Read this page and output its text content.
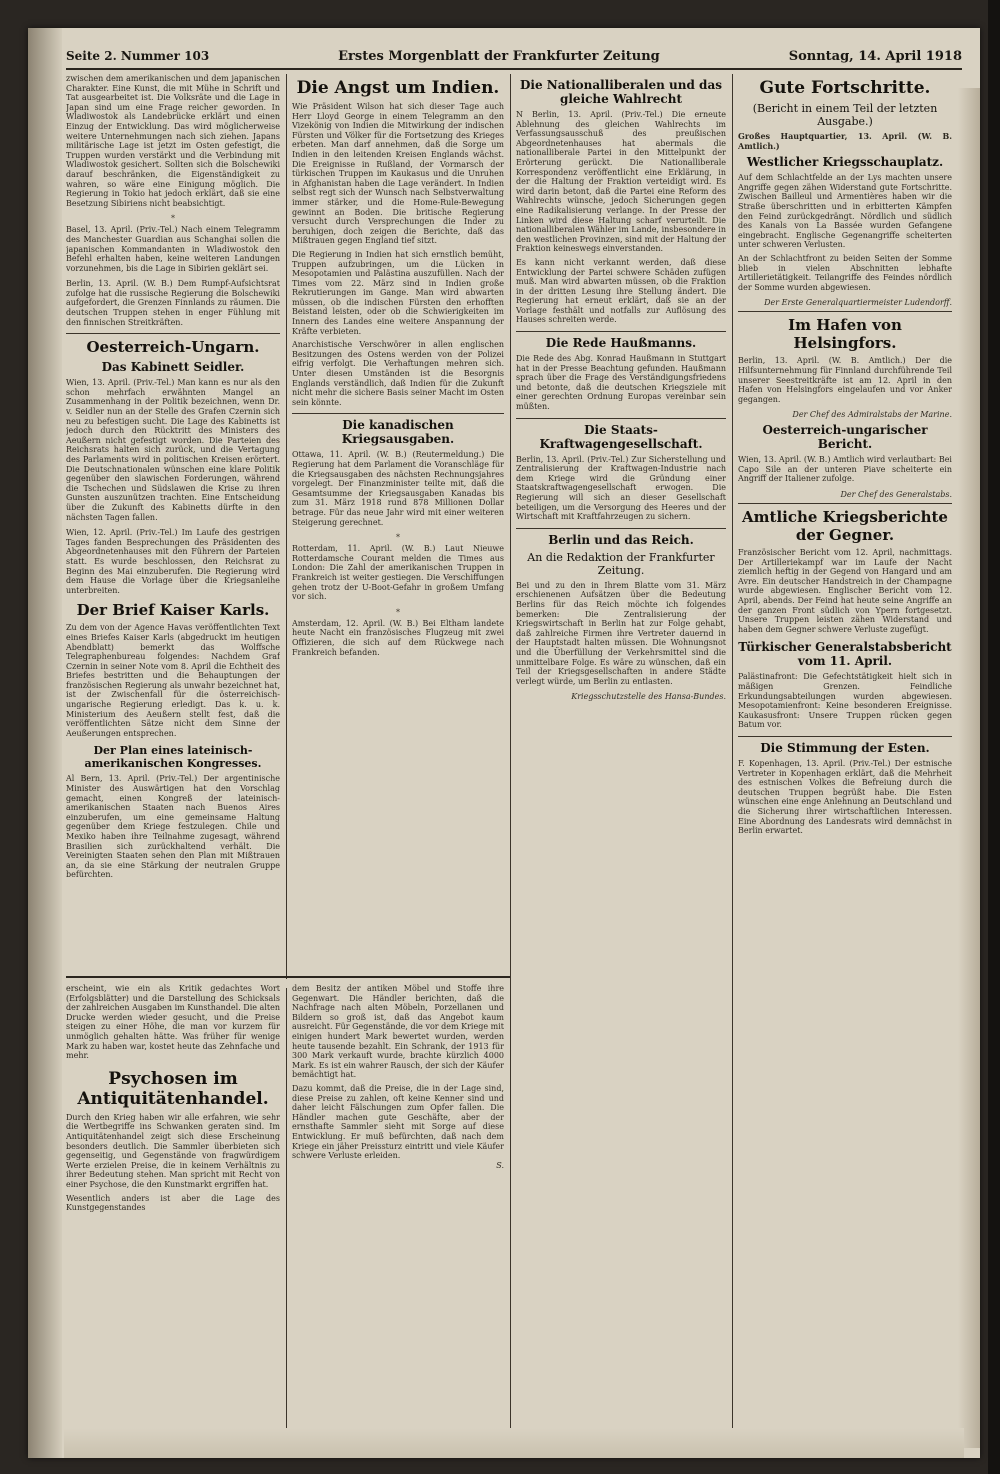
Seite 2. Nummer 103	Erstes Morgenblatt der Frankfurter Zeitung	Sonntag, 14. April 1918
zwischen dem amerikanischen und dem japanischen Charakter. Eine Kunst, die mit Mühe in Schrift und Tat ausgearbeitet ist. Die Volksräte und die Lage in Japan sind um eine Frage reicher geworden. In Wladiwostok als Landebrücke erklärt und einen Einzug der Entwicklung. Das wird möglicherweise weitere Unternehmungen nach sich ziehen. Japans militärische Lage ist jetzt im Osten gefestigt, die Truppen wurden verstärkt und die Verbindung mit Wladiwostok gesichert. Sollten sich die Bolschewiki darauf beschränken, die Eigenständigkeit zu wahren, so wäre eine Einigung möglich. Die Regierung in Tokio hat jedoch erklärt, daß sie eine Besetzung Sibiriens nicht beabsichtigt.
*
Basel, 13. April. (Priv.-Tel.) Nach einem Telegramm des Manchester Guardian aus Schanghai sollen die japanischen Kommandanten in Wladiwostok den Befehl erhalten haben, keine weiteren Landungen vorzunehmen, bis die Lage in Sibirien geklärt sei.
Berlin, 13. April. (W. B.) Dem Rumpf-Aufsichtsrat zufolge hat die russische Regierung die Bolschewiki aufgefordert, die Grenzen Finnlands zu räumen. Die deutschen Truppen stehen in enger Fühlung mit den finnischen Streitkräften.
Oesterreich-Ungarn.
Das Kabinett Seidler.
Wien, 13. April. (Priv.-Tel.) Man kann es nur als den schon mehrfach erwähnten Mangel an Zusammenhang in der Politik bezeichnen, wenn Dr. v. Seidler nun an der Stelle des Grafen Czernin sich neu zu befestigen sucht. Die Lage des Kabinetts ist jedoch durch den Rücktritt des Ministers des Aeußern nicht gefestigt worden. Die Parteien des Reichsrats halten sich zurück, und die Vertagung des Parlaments wird in politischen Kreisen erörtert. Die Deutschnationalen wünschen eine klare Politik gegenüber den slawischen Forderungen, während die Tschechen und Südslawen die Krise zu ihren Gunsten auszunützen trachten. Eine Entscheidung über die Zukunft des Kabinetts dürfte in den nächsten Tagen fallen.
Wien, 12. April. (Priv.-Tel.) Im Laufe des gestrigen Tages fanden Besprechungen des Präsidenten des Abgeordnetenhauses mit den Führern der Parteien statt. Es wurde beschlossen, den Reichsrat zu Beginn des Mai einzuberufen. Die Regierung wird dem Hause die Vorlage über die Kriegsanleihe unterbreiten.
Der Brief Kaiser Karls.
Zu dem von der Agence Havas veröffentlichten Text eines Briefes Kaiser Karls (abgedruckt im heutigen Abendblatt) bemerkt das Wolffsche Telegraphenbureau folgendes: Nachdem Graf Czernin in seiner Note vom 8. April die Echtheit des Briefes bestritten und die Behauptungen der französischen Regierung als unwahr bezeichnet hat, ist der Zwischenfall für die österreichisch-ungarische Regierung erledigt. Das k. u. k. Ministerium des Aeußern stellt fest, daß die veröffentlichten Sätze nicht dem Sinne der Aeußerungen entsprechen.
Der Plan eines lateinisch-amerikanischen Kongresses.
Al Bern, 13. April. (Priv.-Tel.) Der argentinische Minister des Auswärtigen hat den Vorschlag gemacht, einen Kongreß der lateinisch-amerikanischen Staaten nach Buenos Aires einzuberufen, um eine gemeinsame Haltung gegenüber dem Kriege festzulegen. Chile und Mexiko haben ihre Teilnahme zugesagt, während Brasilien sich zurückhaltend verhält. Die Vereinigten Staaten sehen den Plan mit Mißtrauen an, da sie eine Stärkung der neutralen Gruppe befürchten.
Die Angst um Indien.
Wie Präsident Wilson hat sich dieser Tage auch Herr Lloyd George in einem Telegramm an den Vizekönig von Indien die Mitwirkung der indischen Fürsten und Völker für die Fortsetzung des Krieges erbeten. Man darf annehmen, daß die Sorge um Indien in den leitenden Kreisen Englands wächst. Die Ereignisse in Rußland, der Vormarsch der türkischen Truppen im Kaukasus und die Unruhen in Afghanistan haben die Lage verändert. In Indien selbst regt sich der Wunsch nach Selbstverwaltung immer stärker, und die Home-Rule-Bewegung gewinnt an Boden. Die britische Regierung versucht durch Versprechungen die Inder zu beruhigen, doch zeigen die Berichte, daß das Mißtrauen gegen England tief sitzt.
Die Regierung in Indien hat sich ernstlich bemüht, Truppen aufzubringen, um die Lücken in Mesopotamien und Palästina auszufüllen. Nach der Times vom 22. März sind in Indien große Rekrutierungen im Gange. Man wird abwarten müssen, ob die indischen Fürsten den erhofften Beistand leisten, oder ob die Schwierigkeiten im Innern des Landes eine weitere Anspannung der Kräfte verbieten.
Anarchistische Verschwörer in allen englischen Besitzungen des Ostens werden von der Polizei eifrig verfolgt. Die Verhaftungen mehren sich. Unter diesen Umständen ist die Besorgnis Englands verständlich, daß Indien für die Zukunft nicht mehr die sichere Basis seiner Macht im Osten sein könnte.
Die kanadischen Kriegsausgaben.
Ottawa, 11. April. (W. B.) (Reutermeldung.) Die Regierung hat dem Parlament die Voranschläge für die Kriegsausgaben des nächsten Rechnungsjahres vorgelegt. Der Finanzminister teilte mit, daß die Gesamtsumme der Kriegsausgaben Kanadas bis zum 31. März 1918 rund 878 Millionen Dollar betrage. Für das neue Jahr wird mit einer weiteren Steigerung gerechnet.
*
Rotterdam, 11. April. (W. B.) Laut Nieuwe Rotterdamsche Courant melden die Times aus London: Die Zahl der amerikanischen Truppen in Frankreich ist weiter gestiegen. Die Verschiffungen gehen trotz der U-Boot-Gefahr in großem Umfang vor sich.
*
Amsterdam, 12. April. (W. B.) Bei Eltham landete heute Nacht ein französisches Flugzeug mit zwei Offizieren, die sich auf dem Rückwege nach Frankreich befanden.
Die Nationalliberalen und das gleiche Wahlrecht
N Berlin, 13. April. (Priv.-Tel.) Die erneute Ablehnung des gleichen Wahlrechts im Verfassungsausschuß des preußischen Abgeordnetenhauses hat abermals die nationalliberale Partei in den Mittelpunkt der Erörterung gerückt. Die Nationalliberale Korrespondenz veröffentlicht eine Erklärung, in der die Haltung der Fraktion verteidigt wird. Es wird darin betont, daß die Partei eine Reform des Wahlrechts wünsche, jedoch Sicherungen gegen eine Radikalisierung verlange. In der Presse der Linken wird diese Haltung scharf verurteilt. Die nationalliberalen Wähler im Lande, insbesondere in den westlichen Provinzen, sind mit der Haltung der Fraktion keineswegs einverstanden.
Es kann nicht verkannt werden, daß diese Entwicklung der Partei schwere Schäden zufügen muß. Man wird abwarten müssen, ob die Fraktion in der dritten Lesung ihre Stellung ändert. Die Regierung hat erneut erklärt, daß sie an der Vorlage festhält und notfalls zur Auflösung des Hauses schreiten werde.
Die Rede Haußmanns.
Die Rede des Abg. Konrad Haußmann in Stuttgart hat in der Presse Beachtung gefunden. Haußmann sprach über die Frage des Verständigungsfriedens und betonte, daß die deutschen Kriegsziele mit einer gerechten Ordnung Europas vereinbar sein müßten.
Die Staats-Kraftwagengesellschaft.
Berlin, 13. April. (Priv.-Tel.) Zur Sicherstellung und Zentralisierung der Kraftwagen-Industrie nach dem Kriege wird die Gründung einer Staatskraftwagengesellschaft erwogen. Die Regierung will sich an dieser Gesellschaft beteiligen, um die Versorgung des Heeres und der Wirtschaft mit Kraftfahrzeugen zu sichern.
Berlin und das Reich.
An die Redaktion der Frankfurter Zeitung.
Bei und zu den in Ihrem Blatte vom 31. März erschienenen Aufsätzen über die Bedeutung Berlins für das Reich möchte ich folgendes bemerken: Die Zentralisierung der Kriegswirtschaft in Berlin hat zur Folge gehabt, daß zahlreiche Firmen ihre Vertreter dauernd in der Hauptstadt halten müssen. Die Wohnungsnot und die Überfüllung der Verkehrsmittel sind die unmittelbare Folge. Es wäre zu wünschen, daß ein Teil der Kriegsgesellschaften in andere Städte verlegt würde, um Berlin zu entlasten.
Kriegsschutzstelle des Hansa-Bundes.
Gute Fortschritte.
(Bericht in einem Teil der letzten Ausgabe.)
Großes Hauptquartier, 13. April. (W. B. Amtlich.)
Westlicher Kriegsschauplatz.
Auf dem Schlachtfelde an der Lys machten unsere Angriffe gegen zähen Widerstand gute Fortschritte. Zwischen Bailleul und Armentières haben wir die Straße überschritten und in erbitterten Kämpfen den Feind zurückgedrängt. Nördlich und südlich des Kanals von La Bassée wurden Gefangene eingebracht. Englische Gegenangriffe scheiterten unter schweren Verlusten.
An der Schlachtfront zu beiden Seiten der Somme blieb in vielen Abschnitten lebhafte Artillerietätigkeit. Teilangriffe des Feindes nördlich der Somme wurden abgewiesen.
Der Erste Generalquartiermeister Ludendorff.
Im Hafen von Helsingfors.
Berlin, 13. April. (W. B. Amtlich.) Der die Hilfsunternehmung für Finnland durchführende Teil unserer Seestreitkräfte ist am 12. April in den Hafen von Helsingfors eingelaufen und vor Anker gegangen.
Der Chef des Admiralstabs der Marine.
Oesterreich-ungarischer Bericht.
Wien, 13. April. (W. B.) Amtlich wird verlautbart: Bei Capo Sile an der unteren Piave scheiterte ein Angriff der Italiener zufolge.
Der Chef des Generalstabs.
Amtliche Kriegsberichte der Gegner.
Französischer Bericht vom 12. April, nachmittags. Der Artilleriekampf war im Laufe der Nacht ziemlich heftig in der Gegend von Hangard und am Avre. Ein deutscher Handstreich in der Champagne wurde abgewiesen. Englischer Bericht vom 12. April, abends. Der Feind hat heute seine Angriffe an der ganzen Front südlich von Ypern fortgesetzt. Unsere Truppen leisten zähen Widerstand und haben dem Gegner schwere Verluste zugefügt.
Türkischer Generalstabsbericht vom 11. April.
Palästinafront: Die Gefechtstätigkeit hielt sich in mäßigen Grenzen. Feindliche Erkundungsabteilungen wurden abgewiesen. Mesopotamienfront: Keine besonderen Ereignisse. Kaukasusfront: Unsere Truppen rücken gegen Batum vor.
Die Stimmung der Esten.
F. Kopenhagen, 13. April. (Priv.-Tel.) Der estnische Vertreter in Kopenhagen erklärt, daß die Mehrheit des estnischen Volkes die Befreiung durch die deutschen Truppen begrüßt habe. Die Esten wünschen eine enge Anlehnung an Deutschland und die Sicherung ihrer wirtschaftlichen Interessen. Eine Abordnung des Landesrats wird demnächst in Berlin erwartet.
erscheint, wie ein als Kritik gedachtes Wort (Erfolgsblätter) und die Darstellung des Schicksals der zahlreichen Ausgaben im Kunsthandel. Die alten Drucke werden wieder gesucht, und die Preise steigen zu einer Höhe, die man vor kurzem für unmöglich gehalten hätte. Was früher für wenige Mark zu haben war, kostet heute das Zehnfache und mehr.
Psychosen im Antiquitätenhandel.
Durch den Krieg haben wir alle erfahren, wie sehr die Wertbegriffe ins Schwanken geraten sind. Im Antiquitätenhandel zeigt sich diese Erscheinung besonders deutlich. Die Sammler überbieten sich gegenseitig, und Gegenstände von fragwürdigem Werte erzielen Preise, die in keinem Verhältnis zu ihrer Bedeutung stehen. Man spricht mit Recht von einer Psychose, die den Kunstmarkt ergriffen hat.
Wesentlich anders ist aber die Lage des Kunstgegenstandes
dem Besitz der antiken Möbel und Stoffe ihre Gegenwart. Die Händler berichten, daß die Nachfrage nach alten Möbeln, Porzellanen und Bildern so groß ist, daß das Angebot kaum ausreicht. Für Gegenstände, die vor dem Kriege mit einigen hundert Mark bewertet wurden, werden heute tausende bezahlt. Ein Schrank, der 1913 für 300 Mark verkauft wurde, brachte kürzlich 4000 Mark. Es ist ein wahrer Rausch, der sich der Käufer bemächtigt hat.
Dazu kommt, daß die Preise, die in der Lage sind, diese Preise zu zahlen, oft keine Kenner sind und daher leicht Fälschungen zum Opfer fallen. Die Händler machen gute Geschäfte, aber der ernsthafte Sammler sieht mit Sorge auf diese Entwicklung. Er muß befürchten, daß nach dem Kriege ein jäher Preissturz eintritt und viele Käufer schwere Verluste erleiden.
S.
